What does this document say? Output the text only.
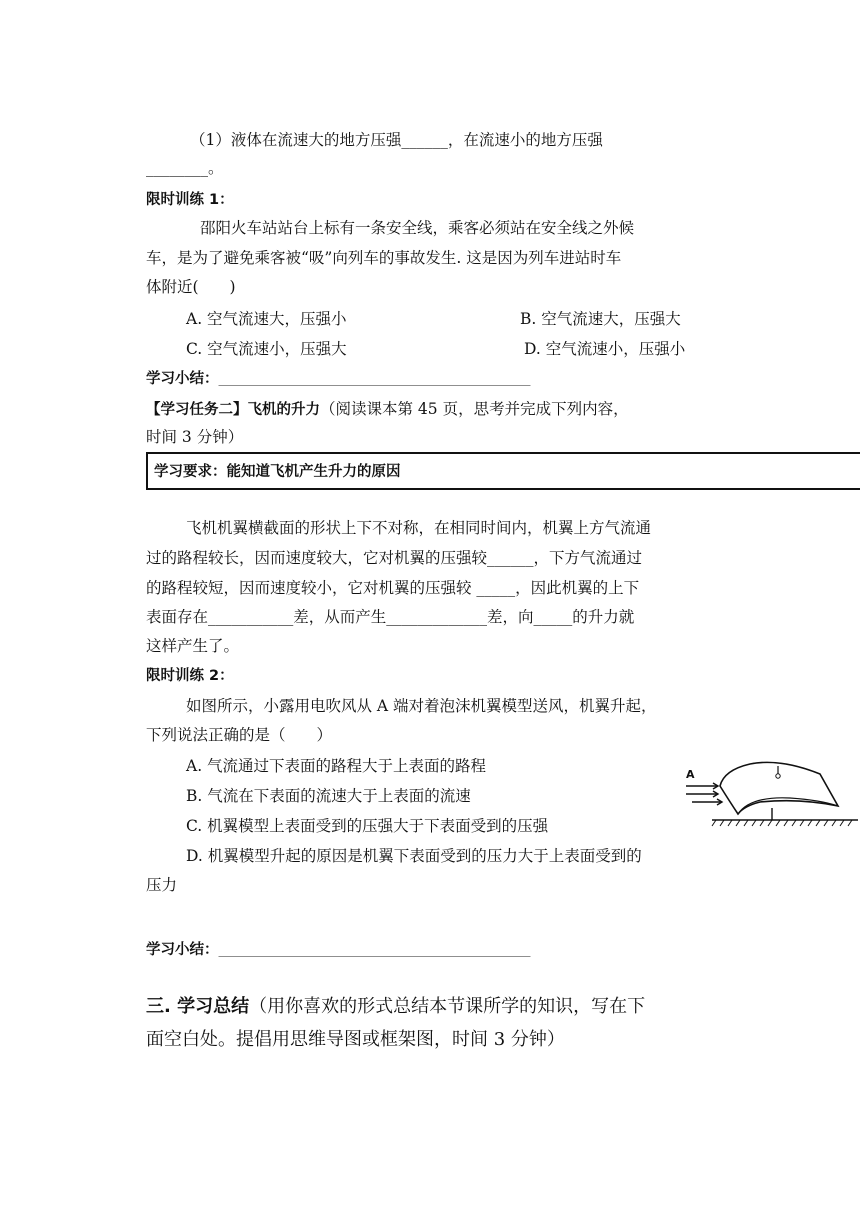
（1）液体在流速大的地方压强______，在流速小的地方压强
________。
限时训练 1：
邵阳火车站站台上标有一条安全线，乘客必须站在安全线之外候
车，是为了避免乘客被“吸”向列车的事故发生. 这是因为列车进站时车
体附近(　　)
A. 空气流速大，压强小	B. 空气流速大，压强大
C. 空气流速小，压强大	D. 空气流速小，压强小
学习小结：____________________________________________________
【学习任务二】飞机的升力（阅读课本第 45 页，思考并完成下列内容，
时间 3 分钟）
学习要求：能知道飞机产生升力的原因
飞机机翼横截面的形状上下不对称，在相同时间内，机翼上方气流通
过的路程较长，因而速度较大，它对机翼的压强较______，下方气流通过
的路程较短，因而速度较小，它对机翼的压强较 _____，因此机翼的上下
表面存在___________差，从而产生_____________差，向_____的升力就
这样产生了。
限时训练 2：
如图所示，小露用电吹风从 A 端对着泡沫机翼模型送风，机翼升起，
下列说法正确的是（　　）
A. 气流通过下表面的路程大于上表面的路程
B. 气流在下表面的流速大于上表面的流速
C. 机翼模型上表面受到的压强大于下表面受到的压强
D. 机翼模型升起的原因是机翼下表面受到的压力大于上表面受到的
压力
A
学习小结：____________________________________________________
三. 学习总结（用你喜欢的形式总结本节课所学的知识，写在下
面空白处。提倡用思维导图或框架图，时间 3 分钟）
